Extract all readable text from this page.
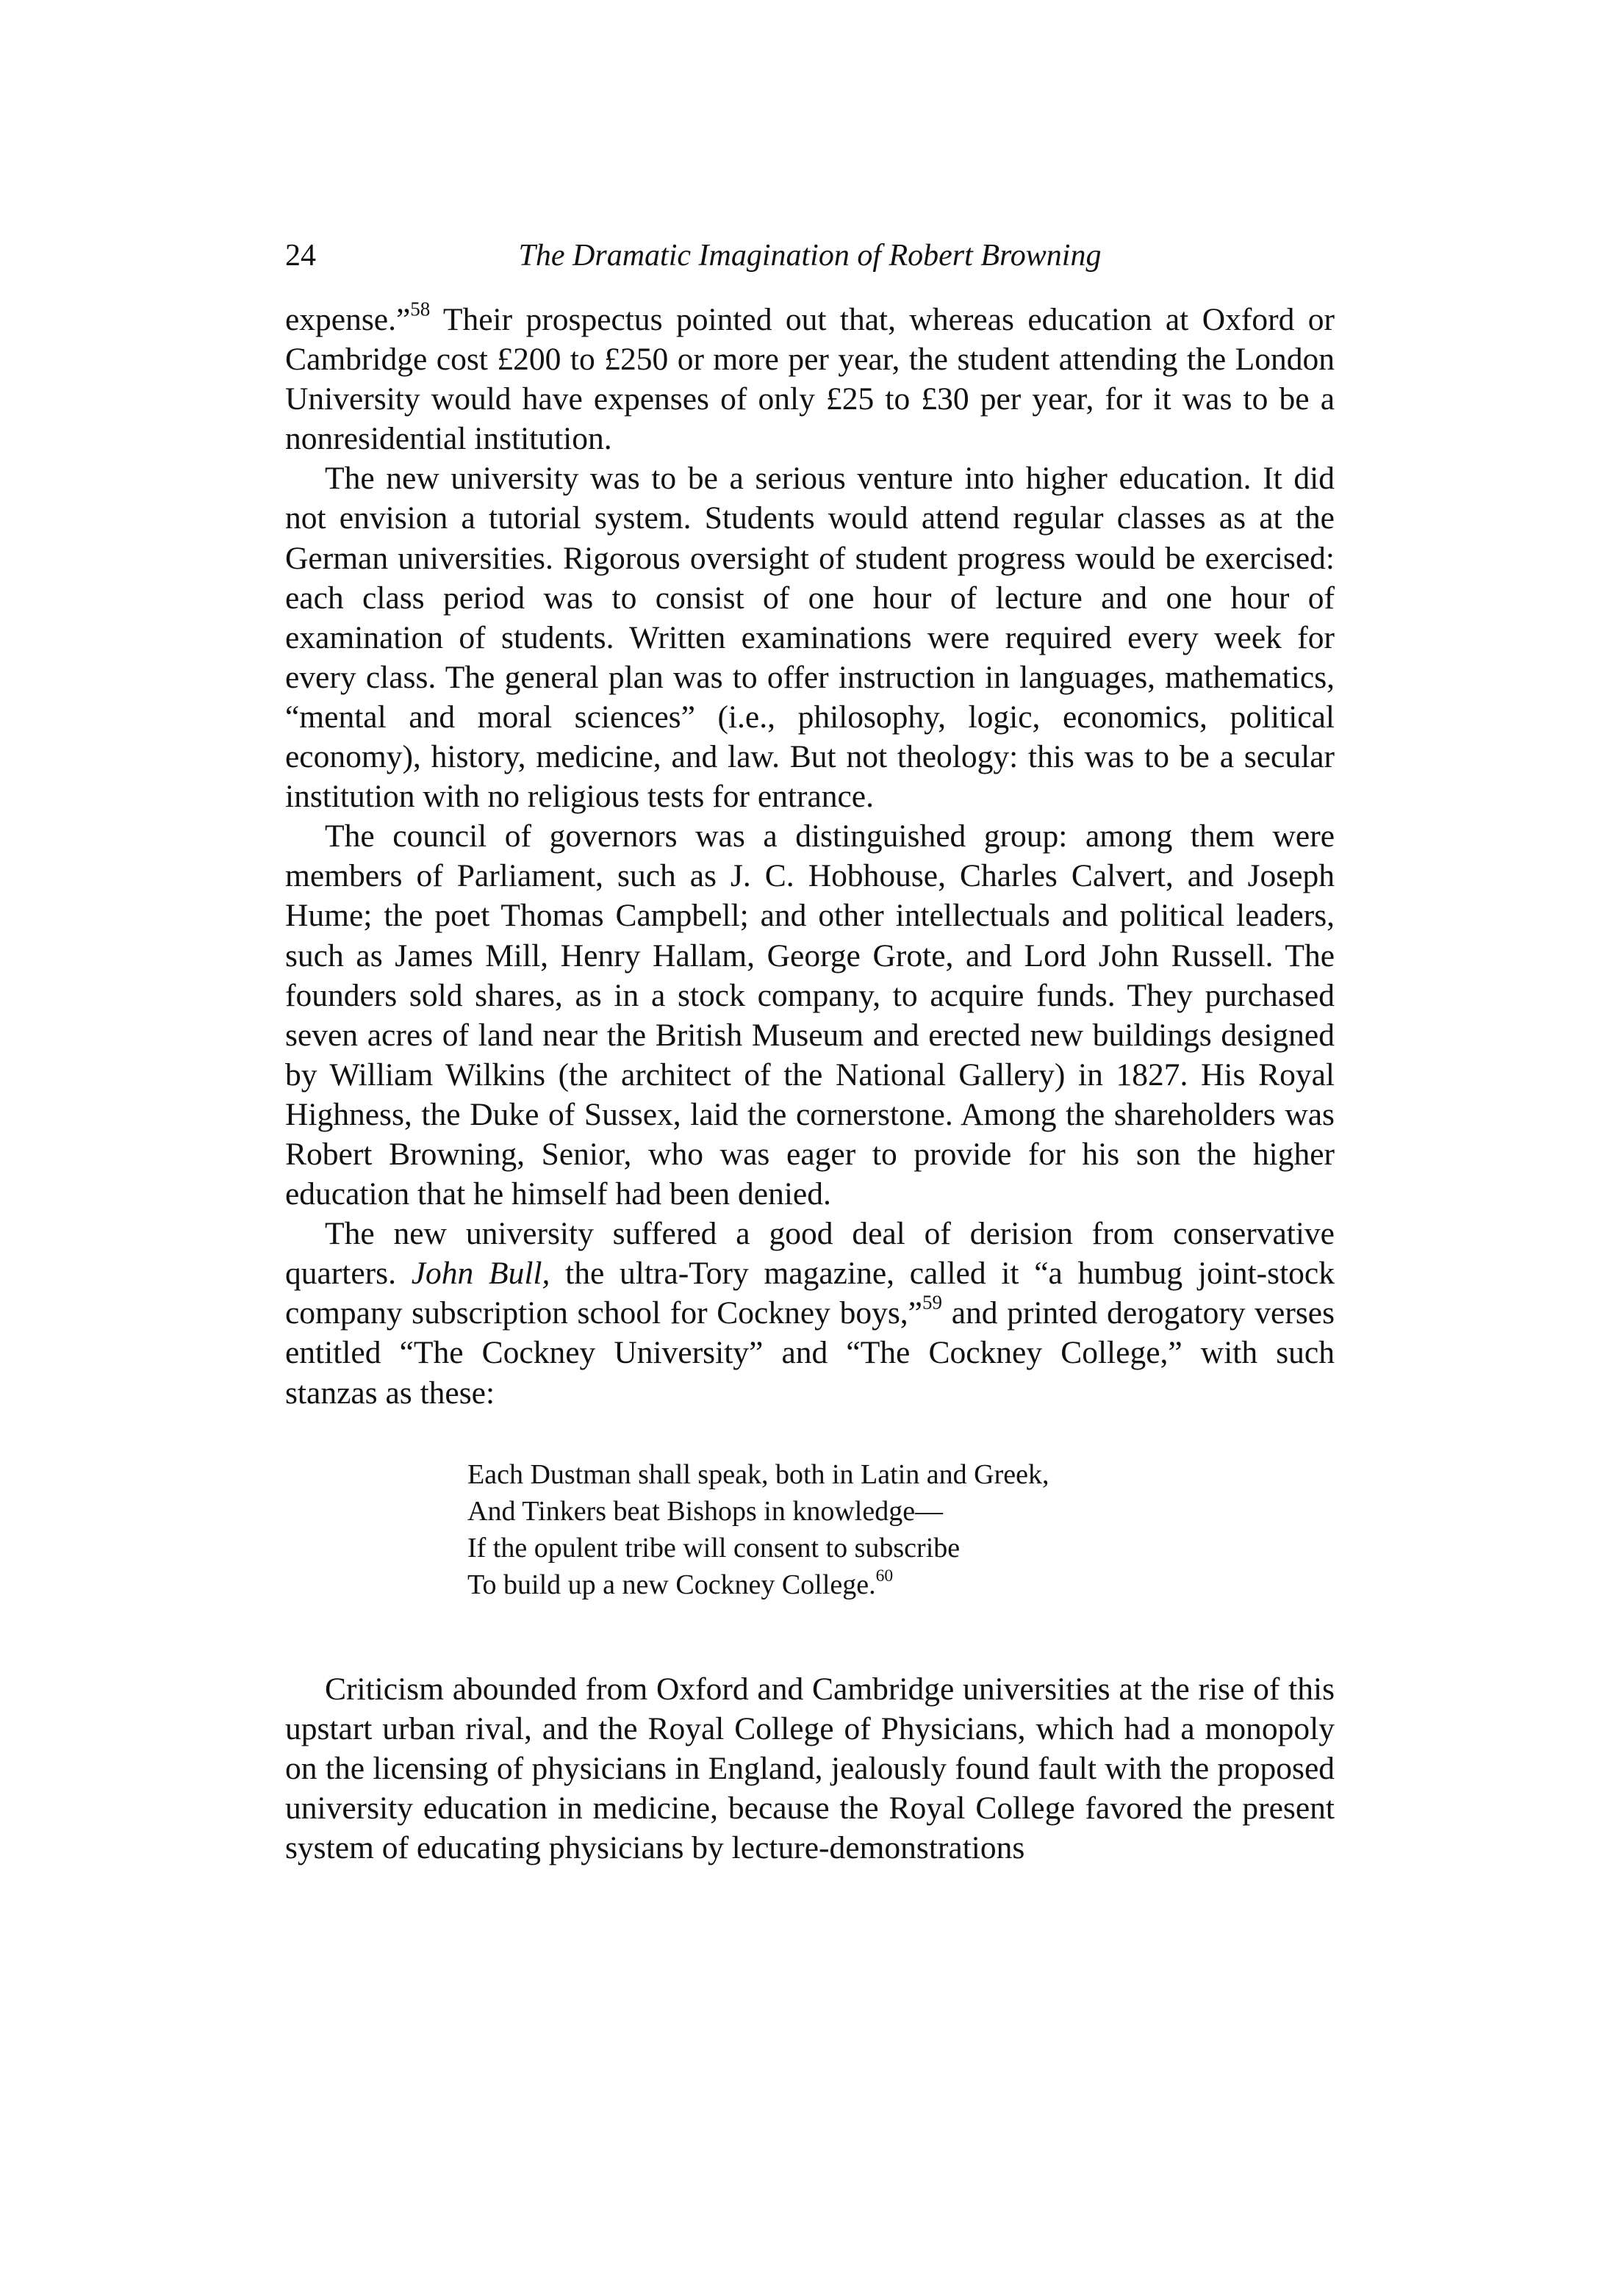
24	The Dramatic Imagination of Robert Browning

expense.”$^{58}$ Their prospectus pointed out that, whereas education at Oxford or Cambridge cost £200 to £250 or more per year, the student attending the London University would have expenses of only £25 to £30 per year, for it was to be a nonresidential institution.

The new university was to be a serious venture into higher education. It did not envision a tutorial system. Students would attend regular classes as at the German universities. Rigorous oversight of student progress would be exercised: each class period was to consist of one hour of lecture and one hour of examination of students. Written examinations were required every week for every class. The general plan was to offer instruction in languages, mathematics, “mental and moral sciences” (i.e., philosophy, logic, economics, political economy), history, medicine, and law. But not theology: this was to be a secular institution with no religious tests for entrance.

The council of governors was a distinguished group: among them were members of Parliament, such as J. C. Hobhouse, Charles Calvert, and Joseph Hume; the poet Thomas Campbell; and other intellectuals and political leaders, such as James Mill, Henry Hallam, George Grote, and Lord John Russell. The founders sold shares, as in a stock company, to acquire funds. They purchased seven acres of land near the British Museum and erected new buildings designed by William Wilkins (the architect of the National Gallery) in 1827. His Royal Highness, the Duke of Sussex, laid the cornerstone. Among the shareholders was Robert Browning, Senior, who was eager to provide for his son the higher education that he himself had been denied.

The new university suffered a good deal of derision from conservative quarters. John Bull, the ultra-Tory magazine, called it “a humbug joint-stock company subscription school for Cockney boys,”$^{59}$ and printed derogatory verses entitled “The Cockney University” and “The Cockney College,” with such stanzas as these:

Each Dustman shall speak, both in Latin and Greek,
And Tinkers beat Bishops in knowledge—
If the opulent tribe will consent to subscribe
To build up a new Cockney College.$^{60}$

Criticism abounded from Oxford and Cambridge universities at the rise of this upstart urban rival, and the Royal College of Physicians, which had a monopoly on the licensing of physicians in England, jealously found fault with the proposed university education in medicine, because the Royal College favored the present system of educating physicians by lecture-demonstrations
